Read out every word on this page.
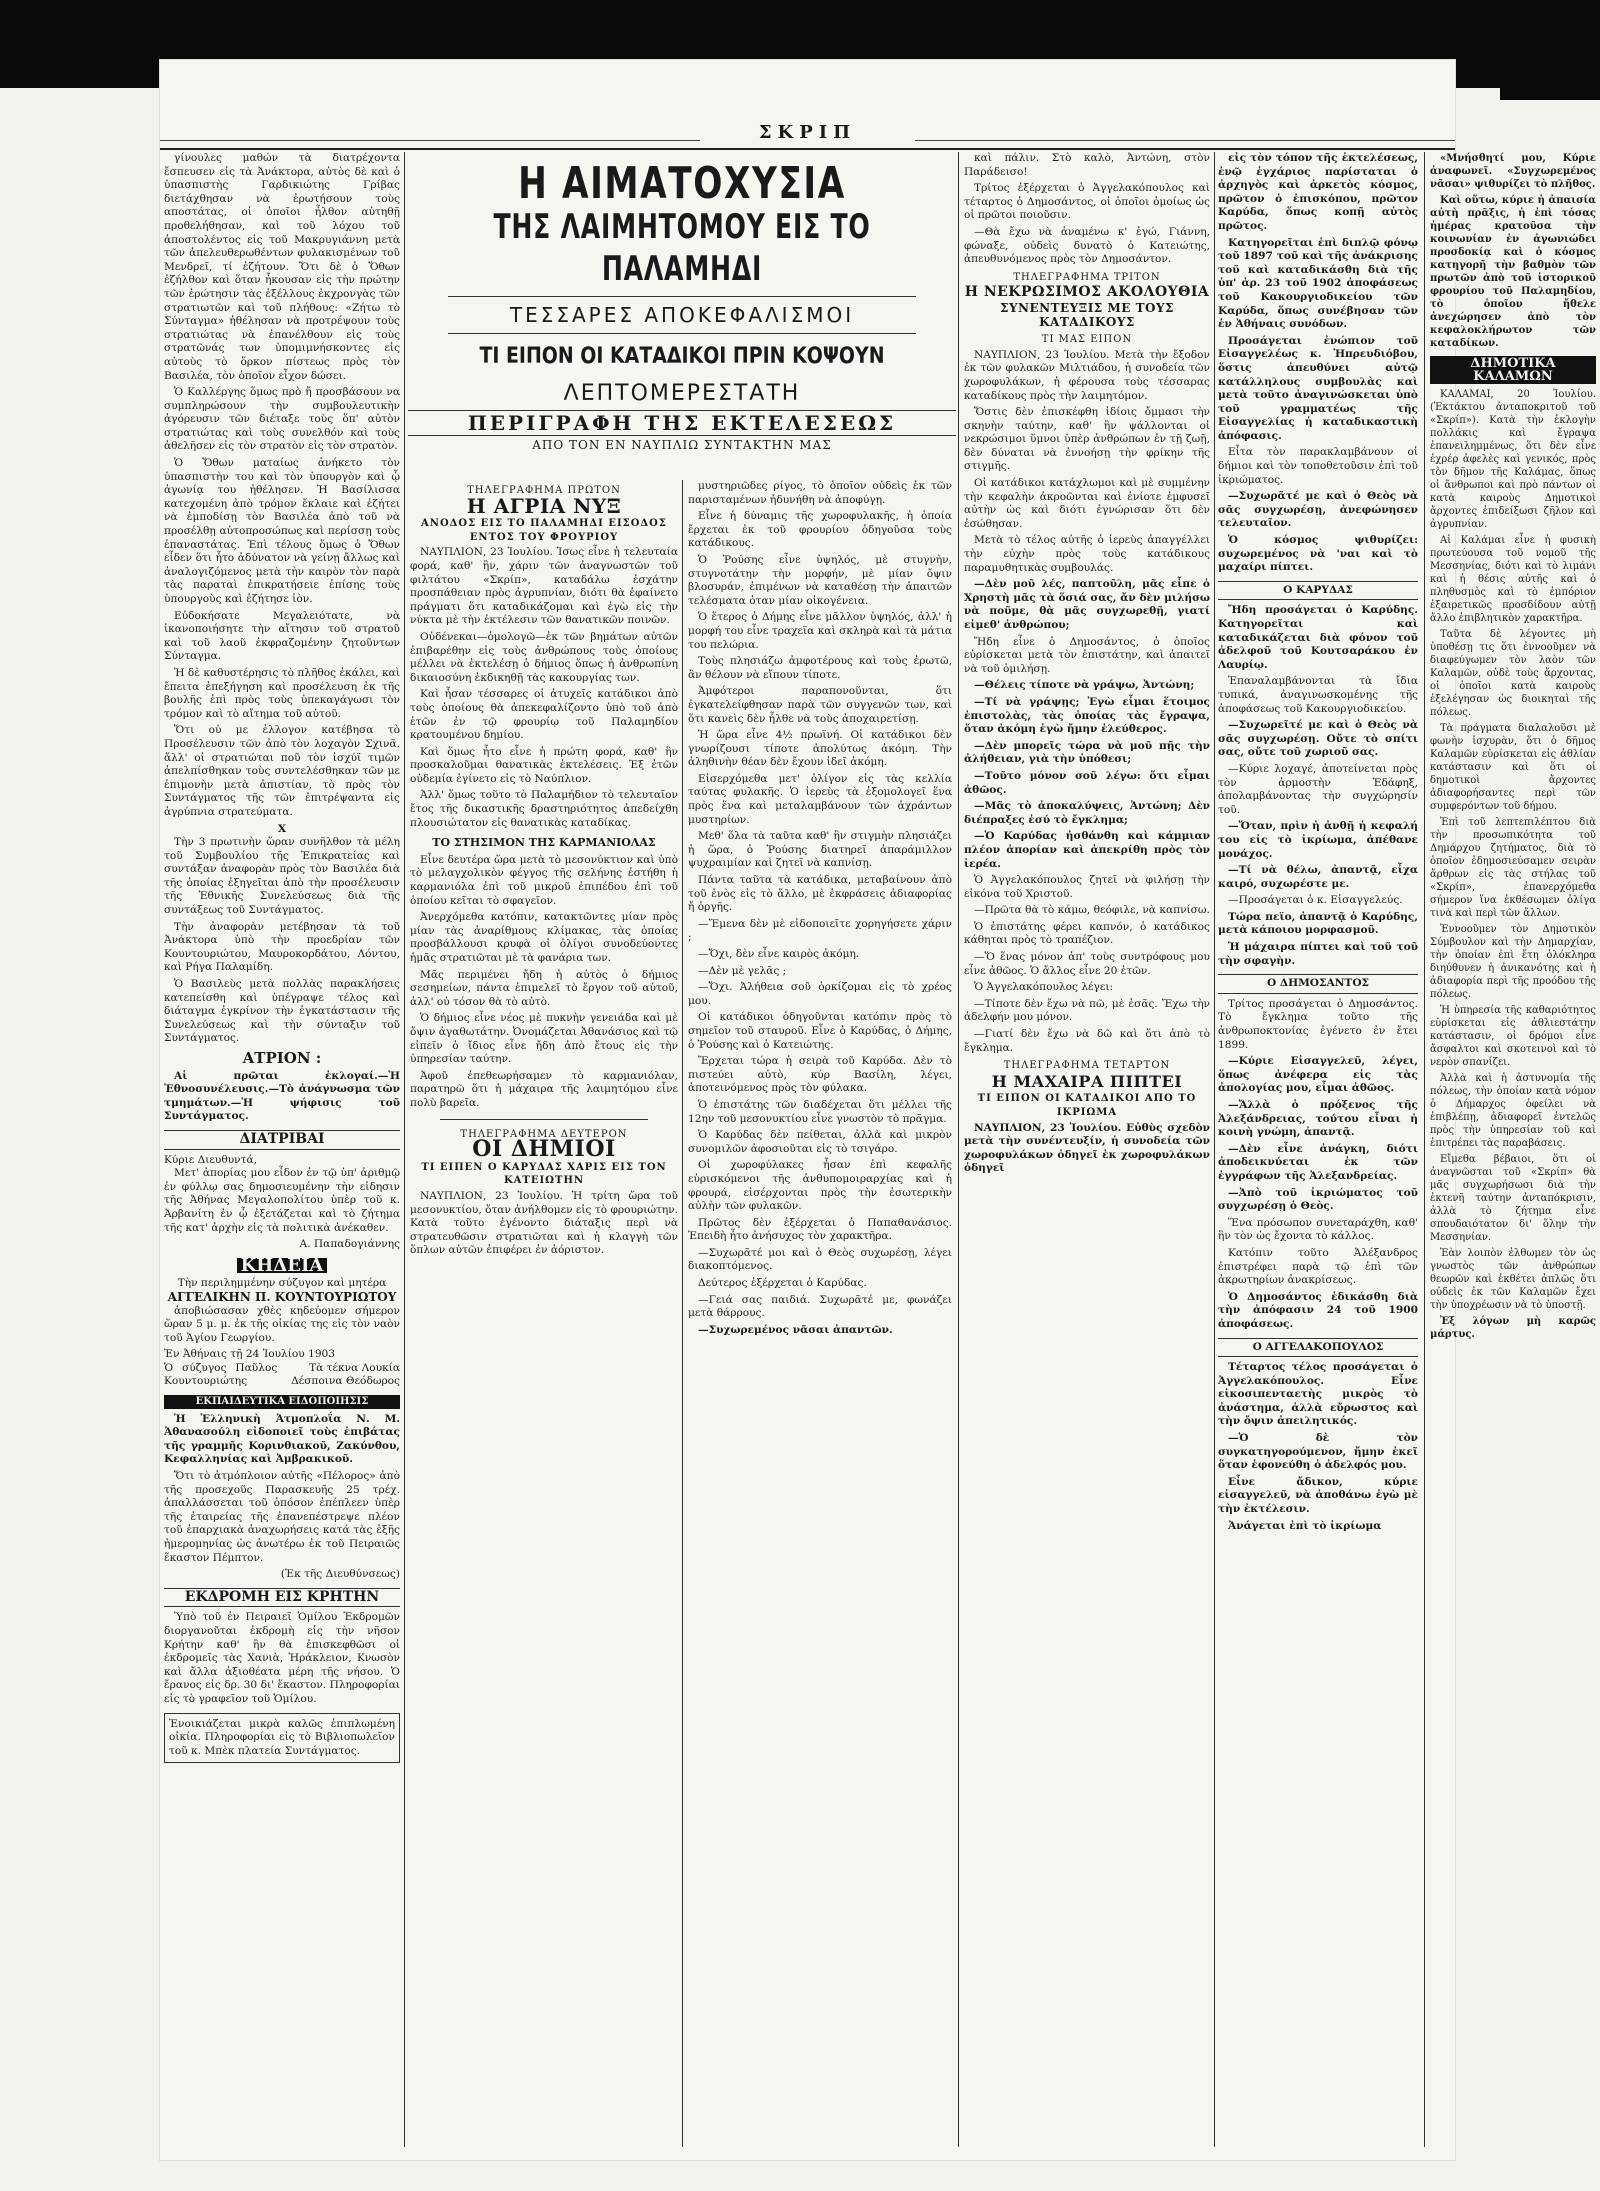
ΣΚΡΙΠ

γίνουλες μαθών τὰ διατρέχοντα ἔσπευσεν εἰς τὰ Ἀνάκτορα, αὐτὸς δὲ καὶ ὁ ὑπασπιστὴς Γαρδικιώτης Γρίβας διετάχθησαν νὰ ἐρωτήσουν τοὺς αποστάτας, οἱ ὁποῖοι ἦλθον αὐτηθῇ προθελήθησαν, καὶ τοῦ λόχου τοῦ ἀποστολέντος εἰς τοῦ Μακρυγιάννη μετὰ τῶν ἀπελευθερωθέντων φυλακισμένων τοῦ Μενδρεῖ, τί ἐζήτουν. Ὅτι δὲ ὁ Ὅθων ἐζήλθον καὶ ὅταν ἦκουσαν εἰς τὴν πρώτην τῶν ἐρώτησιν τὰς ἐξέλλους ἐκχρονγὰς τῶν στρατιωτῶν καὶ τοῦ πλήθους: «Ζήτω τὸ Σύνταγμα» ἠθέλησαν νὰ προτρέψουν τοὺς στρατιώτας νὰ ἐπανέλθουν εἰς τοὺς στρατῶνάς των ὑπομιμνήσκοντες εἰς αὐτοὺς τὸ ὅρκον πίστεως πρὸς τὸν Βασιλέα, τὸν ὁποῖον εἶχον δώσει.

Ὁ Καλλέργης ὅμως πρὸ ἤ προσβάσουν να συμπληρώσουν τὴν συμβουλευτικὴν ἀγόρευσιν τῶν διέταξε τοὺς ὅπ' αὐτὸν στρατιώτας καὶ τοὺς συνελθόν καὶ τοὺς ἀθελῆσεν εἰς τὸν στρατὸν εἰς τὸν στρατὸν.

Ὁ Ὅθων ματαίως ἀνήκετο τὸν ὑπασπιστὴν του καὶ τὸν ὑπουργὸν καὶ ᾧ ἀγωνίᾳ του ἠθέλησεν. Ἡ Βασίλισσα κατεχομένη ἀπὸ τρόμον ἔκλαιε καὶ ἐζήτει νὰ ἐμποδίσῃ τὸν Βασιλέα ἀπὸ τοῦ νὰ προσέλθῃ αὐτοπροσώπως καὶ περίσσῃ τοὺς ἐπαναστάτας. Ἐπὶ τέλους ὅμως ὁ Ὅθων εἶδεν ὅτι ἦτο ἀδύνατον νὰ γείνῃ ἄλλως καὶ ἀναλογιζόμενος μετὰ τὴν καιρὸν τὸν παρὰ τὰς παραταὶ ἐπικρατήσειε ἐπίσης τοὺς ὑπουργοὺς καὶ ἐζήτησε ἰὸν.

Εὐδοκήσατε Μεγαλειότατε, νὰ ἱκανοποιήσητε τὴν αἴτησιν τοῦ στρατοῦ καὶ τοῦ λαοῦ ἐκφραζομένην ζητοῦντων Σύνταγμα.

Ἡ δὲ καθυστέρησις τὸ πλῆθος ἐκάλει, καὶ ἔπειτα ἐπεξήγηση καὶ προσέλευση ἐκ τῆς βουλῆς ἐπὶ πρὸς τοὺς ὑπεκαγάγωσι τὸν τρόμον καὶ τὸ αἴτημα τοῦ αὐτοῦ.

Ὅτι οὐ με ἐλλογον κατέβησα τὸ Προσέλευσιν τῶν ἀπὸ τὸν λοχαγὸν Σχινᾶ. ἄλλ' οἱ στρατιώται ποῦ τὸν ἰσχύϊ τιμῶν ἀπελπίσθηκαν τοὺς συντελέσθηκαν τῶν με ἐπιμονὴν μετὰ ἀπιστίαν, τὸ πρὸς τὸν Συντάγματος τῆς τῶν ἐπιτρέψαντα εἰς ἀγρύπνια στρατεύματα.

Χ

Τὴν 3 πρωτινὴν ὥραν συνῆλθον τὰ μέλη τοῦ Συμβουλίου τῆς Ἐπικρατείας καὶ συντάξαν ἀναφορὰν πρὸς τὸν Βασιλέα διὰ τῆς ὁποίας ἐξηγεῖται ἀπὸ τὴν προσέλευσιν τῆς Ἐθνικῆς Συνελεύσεως διὰ τῆς συντάξεως τοῦ Συντάγματος.

Τὴν ἀναφορὰν μετέβησαν τὰ τοῦ Ἀνάκτορα ὑπὸ τὴν προεδρίαν τῶν Κουντουριώτου, Μαυροκορδάτου, Λόντου, καὶ Ρήγα Παλαμίδη.

Ὁ Βασιλεὺς μετὰ πολλὰς παρακλήσεις κατεπείσθη καὶ ὑπέγραψε τέλος καὶ διάταγμα ἐγκρίνον τὴν ἐγκατάστασιν τῆς Συνελεύσεως καὶ τὴν σύνταξιν τοῦ Συντάγματος.

ΑΤΡΙΟΝ :

Αἱ πρῶται ἐκλογαί.—Ἡ Ἐθνοσυνέλευσις.—Τὸ ἀνάγνωσμα τῶν τμημάτων.—Ἡ ψήφισις τοῦ Συντάγματος.

ΔΙΑΤΡΙΒΑΙ
Κύριε Διευθυντά,

Μετ' ἀπορίας μου εἶδον ἐν τῷ ὑπ' ἀριθμῷ ἐν φύλλῳ σας δημοσιευμένην τὴν εἰδησιν τῆς Ἀθήνας Μεγαλοπολίτου ὑπὲρ τοῦ κ. Ἀρβανίτη ἐν ᾧ ἐξετάζεται καὶ τὸ ζήτημα τῆς κατ' ἀρχὴν εἰς τὰ πολιτικὰ ἀνέκαθεν.

Α. Παπαδογιάννης
ΚΗΔΕΙΑ
Τὴν περιλημμένην σύζυγον καὶ μητέρα
ΑΓΓΕΛΙΚΗΝ Π. ΚΟΥΝΤΟΥΡΙΩΤΟΥ

ἀποβιώσασαν χθὲς κηδεύομεν σήμερον ὥραν 5 μ. μ. ἐκ τῆς οἰκίας της εἰς τὸν ναὸν τοῦ Ἁγίου Γεωργίου.

Ἐν Ἀθήναις τῇ 24 Ἰουλίου 1903
Ὁ σύζυγος Παῦλος Κουντουριώτης
Τὰ τέκνα Λουκία Δέσποινα Θεόδωρος
ΕΚΠΑΙΔΕΥΤΙΚΑ ΕΙΔΟΠΟΙΗΣΙΣ

Ἡ Ἑλληνικὴ Ἀτμοπλοΐα Ν. Μ. Ἀθανασούλη εἰδοποιεῖ τοὺς ἐπιβάτας τῆς γραμμῆς Κορινθιακοῦ, Ζακύνθου, Κεφαλληνίας καὶ Ἀμβρακικοῦ.

Ὅτι τὸ ἀτμόπλοιον αὐτῆς «Πέλορος» ἀπὸ τῆς προσεχοῦς Παρασκευῆς 25 τρέχ. ἀπαλλάσσεται τοῦ ὁπόσον ἐπέπλεεν ὑπὲρ τῆς ἐταιρείας τῆς ἐπανεπέστρεψε πλέον τοῦ ἐπαρχιακὰ ἀναχωρήσεις κατά τὰς ἑξῆς ἡμερομηνίας ὡς ἀνωτέρω ἐκ τοῦ Πειραιῶς ἕκαστον Πέμπτον.

(Ἐκ τῆς Διευθύνσεως)
ΕΚΔΡΟΜΗ ΕΙΣ ΚΡΗΤΗΝ

Ὑπὸ τοῦ ἐν Πειραιεῖ Ὁμίλου Ἐκδρομῶν διοργανοῦται ἐκδρομὴ εἰς τὴν νῆσον Κρήτην καθ' ἣν θὰ ἐπισκεφθῶσι οἱ ἐκδρομεῖς τὰς Χανιὰ, Ἡράκλειον, Κνωσὸν καὶ ἄλλα ἀξιοθέατα μέρη τῆς νήσου. Ὁ ἔρανος εἰς δρ. 30 δι' ἕκαστον. Πληροφορίαι εἰς τὸ γραφεῖον τοῦ Ὁμίλου.

Ἐνοικιάζεται μικρὰ καλῶς ἐπιπλωμένη οἰκία. Πληροφορίαι εἰς τὸ Βιβλιοπωλεῖον τοῦ κ. Μπὲκ πλατεία Συντάγματος.
Η ΑΙΜΑΤΟΧΥΣΙΑ
ΤΗΣ ΛΑΙΜΗΤΟΜΟΥ ΕΙΣ ΤΟ ΠΑΛΑΜΗΔΙ
ΤΕΣΣΑΡΕΣ ΑΠΟΚΕΦΑΛΙΣΜΟΙ
ΤΙ ΕΙΠΟΝ ΟΙ ΚΑΤΑΔΙΚΟΙ ΠΡΙΝ ΚΟΨΟΥΝ
ΛΕΠΤΟΜΕΡΕΣΤΑΤΗ
ΠΕΡΙΓΡΑΦΗ ΤΗΣ ΕΚΤΕΛΕΣΕΩΣ
ΑΠΟ ΤΟΝ ΕΝ ΝΑΥΠΛΙΩ ΣΥΝΤΑΚΤΗΝ ΜΑΣ
ΤΗΛΕΓΡΑΦΗΜΑ ΠΡΩΤΟΝ
Η ΑΓΡΙΑ ΝΥΞ
ΑΝΟΔΟΣ ΕΙΣ ΤΟ ΠΑΛΑΜΗΔΙ ΕΙΣΟΔΟΣ ΕΝΤΟΣ ΤΟΥ ΦΡΟΥΡΙΟΥ

ΝΑΥΠΛΙΟΝ, 23 Ἰουλίου. Ἰσως εἶνε ἡ τελευταία φορά, καθ' ἣν, χάριν τῶν ἀναγνωστῶν τοῦ φιλτάτου «Σκρίπ», καταδάλω ἐσχάτην προσπάθειαν πρὸς ἀγρυπνίαν, διότι θὰ ἐφαίνετο πράγματι ὅτι καταδικάζομαι καὶ ἐγὼ εἰς τὴν νύκτα μὲ τὴν ἐκτέλεσιν τῶν θανατικῶν ποινῶν.

Οὐδένεκαι—ὁμολογῶ—ἐκ τῶν βημάτων αὐτῶν ἐπιβαρέθην εἰς τοὺς ἀνθρώπους τοὺς ὁποίους μέλλει νὰ ἐκτελέσῃ ὁ δήμιος ὅπως ἡ ἀνθρωπίνη δικαιοσύνη ἐκδικηθῇ τὰς κακουργίας των.

Καὶ ἦσαν τέσσαρες οἱ ἀτυχεῖς κατάδικοι ἀπὸ τοὺς ὁποίους θὰ ἀπεκεφαλίζοντο ὑπὸ τοῦ ἀπὸ ἑτῶν ἐν τῷ φρουρίῳ τοῦ Παλαμηδίου κρατουμένου δημίου.

Καὶ ὅμως ἦτο εἶνε ἡ πρώτη φορά, καθ' ἣν προσκαλοῦμαι θανατικὰς ἐκτελέσεις. Ἐξ ἐτῶν οὐδεμία ἐγίνετο εἰς τὸ Ναύπλιον.

Ἀλλ' ὅμως τοῦτο τὸ Παλαμήδιον τὸ τελευταῖον ἔτος τῆς δικαστικῆς δραστηριότητος ἀπεδείχθη πλουσιώτατον εἰς θανατικὰς καταδίκας.

ΤΟ ΣΤΗΣΙΜΟΝ ΤΗΣ ΚΑΡΜΑΝΙΟΛΑΣ

Εἶνε δευτέρα ὥρα μετὰ τὸ μεσονύκτιον καὶ ὑπὸ τὸ μελαγχολικὸν φέγγος τῆς σελήνης ἐστήθη ἡ καρμανιόλα ἐπὶ τοῦ μικροῦ ἐπιπέδου ἐπὶ τοῦ ὁποίου κεῖται τὸ σφαγεῖον.

Ἀνερχόμεθα κατόπιν, κατακτῶντες μίαν πρὸς μίαν τὰς ἀναρίθμους κλίμακας, τὰς ὁποίας προσβάλλουσι κρυφὰ οἱ ὀλίγοι συνοδεύοντες ἡμᾶς στρατιῶται μὲ τὰ φανάρια των.

Μᾶς περιμένει ἤδη ἡ αὐτὸς ὁ δήμιος σεσημείων, πάντα ἐπιμελεῖ τὸ ἔργον τοῦ αὐτοῦ, ἀλλ' οὐ τόσον θὰ τὸ αὐτὸ.

Ὁ δήμιος εἶνε νέος μὲ πυκνὴν γενειάδα καὶ μὲ ὄψιν ἀγαθωτάτην. Ὀνομάζεται Ἀθανάσιος καὶ τῷ εἰπεῖν ὁ ἴδιος εἶνε ἤδη ἀπὸ ἔτους εἰς τὴν ὑπηρεσίαν ταύτην.

Ἀφοῦ ἐπεθεωρήσαμεν τὸ καρμανιόλαν, παρατηρῶ ὅτι ἡ μάχαιρα τῆς λαιμητόμου εἶνε πολὺ βαρεῖα.

ΤΗΛΕΓΡΑΦΗΜΑ ΔΕΥΤΕΡΟΝ
ΟΙ ΔΗΜΙΟΙ
ΤΙ ΕΙΠΕΝ Ο ΚΑΡΥΔΑΣ ΧΑΡΙΣ ΕΙΣ ΤΟΝ ΚΑΤΕΙΩΤΗΝ

ΝΑΥΠΛΙΟΝ, 23 Ἰουλίου. Ἡ τρίτη ὥρα τοῦ μεσονυκτίου, ὅταν ἀνήλθομεν εἰς τὸ φρουριώτην. Κατὰ τοῦτο ἐγένοντο διάταξις περὶ νὰ στρατευθῶσιν στρατιῶται καὶ ἡ κλαγγὴ τῶν ὅπλων αὐτῶν ἐπιφέρει ἐν ἀόριστον.

μυστηριῶδες ρίγος, τὸ ὁποῖον οὐδεὶς ἐκ τῶν παρισταμένων ἠδυνήθη νὰ ἀποφύγῃ.

Εἶνε ἡ δύναμις τῆς χωροφυλακῆς, ἡ ὁποία ἔρχεται ἐκ τοῦ φρουρίου ὁδηγοῦσα τοὺς κατάδικους.

Ὁ Ῥούσης εἶνε ὑψηλός, μὲ στυγνὴν, στυγνοτάτην τὴν μορφήν, μὲ μίαν ὄψιν βλοσυράν, ἐπιμένων νὰ καταθέσῃ τὴν ἀπαιτῶν τελέσματα ὁταν μίαν οἰκογένεια.

Ὁ ἕτερος ὁ Δήμης εἶνε μᾶλλον ὑψηλός, ἀλλ' ἡ μορφή του εἶνε τραχεῖα καὶ σκληρὰ καὶ τὰ μάτια του πελώρια.

Τοὺς πλησιάζω ἀμφοτέρους καὶ τοὺς ἐρωτῶ, ἂν θέλουν νὰ εἴπουν τίποτε.

Ἀμφότεροι παραπονοῦνται, ὅτι ἐγκατελείφθησαν παρὰ τῶν συγγενῶν των, καὶ ὅτι κανεὶς δὲν ἦλθε νὰ τοὺς ἀποχαιρετίσῃ.

Ἡ ὥρα εἶνε 4½ πρωϊνή. Οἱ κατάδικοι δὲν γνωρίζουσι τίποτε ἀπολύτως ἀκόμη. Τὴν ἀληθινὴν θέαν δὲν ἔχουν ἰδεῖ ἀκόμη.

Εἰσερχόμεθα μετ' ὀλίγον εἰς τὰς κελλία ταύτας φυλακῆς. Ὁ ἱερεὺς τὰ ἐξομολογεῖ ἕνα πρὸς ἕνα καὶ μεταλαμβάνουν τῶν ἀχράντων μυστηρίων.

Μεθ' ὅλα τὰ ταῦτα καθ' ἣν στιγμὴν πλησιάζει ἡ ὥρα, ὁ Ῥούσης διατηρεῖ ἀπαράμιλλον ψυχραιμίαν καὶ ζητεῖ νὰ καπνίσῃ.

Πάντα ταῦτα τὰ κατάδικα, μεταβαίνουν ἀπὸ τοῦ ἑνὸς εἰς τὸ ἄλλο, μὲ ἐκφράσεις ἀδιαφορίας ἤ ὀργῆς.

—Ἔμενα δὲν μὲ εἰδοποιεῖτε χορηγήσετε χάριν ;

—Ὄχι, δὲν εἶνε καιρὸς ἀκόμη.

—Δὲν μὲ γελᾶς ;

—Ὄχι. Ἀλήθεια σοῦ ὁρκίζομαι εἰς τὸ χρέος μου.

Οἱ κατάδικοι ὁδηγοῦνται κατόπιν πρὸς τὸ σημεῖον τοῦ σταυροῦ. Εἶνε ὁ Καρύδας, ὁ Δήμης, ὁ Ῥούσης καὶ ὁ Κατειώτης.

Ἔρχεται τώρα ἡ σειρὰ τοῦ Καρύδα. Δὲν τὸ πιστεύει αὐτὸ, κύρ Βασίλη, λέγει, ἀποτεινόμενος πρὸς τὸν φύλακα.

Ὁ ἐπιστάτης τῶν διαδέχεται ὅτι μέλλει τῆς 12ην τοῦ μεσονυκτίου εἶνε γνωστὸν τὸ πρᾶγμα.

Ὁ Καρύδας δὲν πείθεται, ἀλλὰ καὶ μικρὸν συνομιλῶν ἀφοσιοῦται εἰς τὸ τσιγάρο.

Οἱ χωροφύλακες ἦσαν ἐπὶ κεφαλῆς εὑρισκόμενοι τῆς ἀνθυπομοιραρχίας καὶ ἡ φρουρά, εἰσέρχονται πρὸς τὴν ἐσωτερικὴν αὐλὴν τῶν φυλακῶν.

Πρῶτος δὲν ἐξέρχεται ὁ Παπαθανάσιος. Ἐπειδὴ ἦτο ἀνήσυχος τὸν χαρακτῆρα.

—Συχωρᾶτέ μοι καὶ ὁ Θεὸς συχωρέσῃ, λέγει διακοπτόμενος.

Δεύτερος ἐξέρχεται ὁ Καρύδας.

—Γειά σας παιδιά. Συχωρᾶτέ με, φωνάζει μετὰ θάρρους.

—Συχωρεμένος νᾶσαι ἀπαντῶν.

καὶ πάλιν. Στὸ καλὸ, Ἀντώνη, στὸν Παράδεισο!

Τρίτος ἐξέρχεται ὁ Ἀγγελακόπουλος καὶ τέταρτος ὁ Δημοσάντος, οἱ ὁποῖοι ὁμοίως ὡς οἱ πρῶτοι ποιοῦσιν.

—Θὰ ἔχω νὰ ἀναμένω κ' ἐγώ, Γιάννη, φώναξε, οὐδεὶς δυνατὸ ὁ Κατειώτης, ἀπευθυνόμενος πρὸς τὸν Δημοσάντον.

ΤΗΛΕΓΡΑΦΗΜΑ ΤΡΙΤΟΝ
Η ΝΕΚΡΩΣΙΜΟΣ ΑΚΟΛΟΥΘΙΑ
ΣΥΝΕΝΤΕΥΞΙΣ ΜΕ ΤΟΥΣ ΚΑΤΑΔΙΚΟΥΣ
ΤΙ ΜΑΣ ΕΙΠΟΝ

ΝΑΥΠΛΙΟΝ, 23 Ἰουλίου. Μετὰ τὴν ἔξοδον ἐκ τῶν φυλακῶν Μιλτιάδου, ἡ συνοδεία τῶν χωροφυλάκων, ἡ φέρουσα τοὺς τέσσαρας καταδίκους πρὸς τὴν λαιμητόμον.

Ὅστις δὲν ἐπισκέφθη ἰδίοις ὄμμασι τὴν σκηνὴν ταύτην, καθ' ἣν ψάλλονται οἱ νεκρώσιμοι ὕμνοι ὑπὲρ ἀνθρώπων ἐν τῇ ζωῇ, δὲν δύναται νὰ ἐννοήσῃ τὴν φρίκην τῆς στιγμῆς.

Οἱ κατάδικοι κατάχλωμοι καὶ μὲ συμμένην τὴν κεφαλὴν ἀκροῶνται καὶ ἐνίοτε ἐμφυσεῖ αὐτὴν ὡς καὶ διότι ἐγνώρισαν ὅτι δὲν ἐσώθησαν.

Μετὰ τὸ τέλος αὐτῆς ὁ ἱερεὺς ἀπαγγέλλει τὴν εὐχὴν πρὸς τοὺς κατάδικους παραμυθητικὰς συμβουλάς.

—Δὲν μοῦ λές, παπτοῦλη, μᾶς εἶπε ὁ Χρηστὴ μᾶς τὰ ὅσιά σας, ἄν δὲν μιλήσω νὰ ποῦμε, θὰ μᾶς συγχωρεθῇ, γιατί εἰμεθ' ἀνθρώπου;

Ἤδη εἶνε ὁ Δημοσάντος, ὁ ὁποῖος εὑρίσκεται μετὰ τὸν ἐπιστάτην, καὶ ἀπαιτεῖ νὰ τοῦ ὁμιλήσῃ.

—Θέλεις τίποτε νὰ γράψω, Ἀντώνη;

—Τί νὰ γράψῃς; Ἐγὼ εἶμαι ἕτοιμος ἐπιστολὰς, τὰς ὁποίας τὰς ἔγραψα, ὅταν ἀκόμη ἐγὼ ἤμην ἐλεύθερος.

—Δὲν μπορεῖς τώρα νὰ μοῦ πῇς τὴν ἀλήθειαν, γιὰ τὴν ὑπόθεσι;

—Τοῦτο μόνον σοῦ λέγω: ὅτι εἶμαι ἀθῶος.

—Μᾶς τὸ ἀποκαλύψεις, Ἀντώνη; Δὲν διέπραξες ἐσύ τὸ ἔγκλημα;

—Ὁ Καρύδας ἠσθάνθη καὶ κάμμιαν πλέον ἀπορίαν καὶ ἀπεκρίθη πρὸς τὸν ἰερέα.

Ὁ Ἀγγελακόπουλος ζητεῖ νὰ φιλήσῃ τὴν εἰκόνα τοῦ Χριστοῦ.

—Πρῶτα θὰ τὸ κάμω, θεόφιλε, νὰ καπνίσω.

Ὁ ἐπιστάτης φέρει καπνόν, ὁ κατάδικος κάθηται πρὸς τὸ τραπέζιον.

—Ὅ ἕνας μόνον ἀπ' τοὺς συντρόφους μου εἶνε ἀθῶος. Ὁ ἄλλος εἶνε 20 ἐτῶν.

Ὁ Ἀγγελακόπουλος λέγει:

—Τίποτε δὲν ἔχω νὰ πῶ, μὲ ἐσᾶς. Ἔχω τὴν ἀδελφήν μου μόνον.

—Γιατί δὲν ἔχω νὰ δῶ καὶ ὅτι ἀπὸ τὸ ἔγκλημα.

ΤΗΛΕΓΡΑΦΗΜΑ ΤΕΤΑΡΤΟΝ
Η ΜΑΧΑΙΡΑ ΠΙΠΤΕΙ
ΤΙ ΕΙΠΟΝ ΟΙ ΚΑΤΑΔΙΚΟΙ ΑΠΟ ΤΟ ΙΚΡΙΩΜΑ

ΝΑΥΠΛΙΟΝ, 23 Ἰουλίου. Εὐθὺς σχεδὸν μετὰ τὴν συνέντευξίν, ἡ συνοδεία τῶν χωροφυλάκων ὁδηγεῖ ἐκ χωροφυλάκων ὁδηγεῖ

εἰς τὸν τόπον τῆς ἐκτελέσεως, ἐνῷ ἐγχάριος παρίσταται ὁ ἀρχηγὸς καὶ ἀρκετὸς κόσμος, πρῶτον ὁ ἐπισκόπου, πρῶτον Καρύδα, ὅπως κοπῇ αὐτὸς πρῶτος.

Κατηγορεῖται ἐπὶ διπλῷ φόνῳ τοῦ 1897 τοῦ καὶ τῆς ἀνάκρισης τοῦ καὶ καταδικάσθη διὰ τῆς ὑπ' ἀρ. 23 τοῦ 1902 ἀποφάσεως τοῦ Κακουργιοδικείου τῶν Καρύδα, ὅπως συνέβησαν τῶν ἐν Ἀθήναις συνόδων.

Προσάγεται ἐνώπιον τοῦ Εἰσαγγελέως κ. Ἠπρευδιόβου, ὅστις ἀπευθύνει αὐτῷ κατάλληλους συμβουλὰς καὶ μετὰ τοῦτο ἀναγινώσκεται ὑπὸ τοῦ γραμματέως τῆς Εἰσαγγελίας ἡ καταδικαστικὴ ἀπόφασις.

Εἶτα τὸν παρακλαμβάνουν οἱ δήμιοι καὶ τὸν τοποθετοῦσιν ἐπὶ τοῦ ἰκριώματος.

—Συχωρᾶτέ με καὶ ὁ Θεὸς νὰ σᾶς συγχωρέσῃ, ἀνεφώνησεν τελευταῖον.

Ὁ κόσμος ψιθυρίζει: συχωρεμένος νὰ 'ναι καὶ τὸ μαχαίρι πίπτει.

Ο ΚΑΡΥΔΑΣ

Ἤδη προσάγεται ὁ Καρύδης. Κατηγορεῖται καὶ καταδικάζεται διὰ φόνον τοῦ ἀδελφοῦ τοῦ Κουτσαράκου ἐν Λαυρίῳ.

Ἐπαναλαμβάνονται τὰ ἴδια τυπικά, ἀναγινωσκομένης τῆς ἀποφάσεως τοῦ Κακουργιοδικείου.

—Συχωρεῖτέ με καὶ ὁ Θεὸς νὰ σᾶς συγχωρέσῃ. Οὔτε τὸ σπίτι σας, οὔτε τοῦ χωριοῦ σας.

—Κύριε λοχαγέ, ἀποτείνεται πρὸς τὸν ἀρμοστὴν Ἐδάφηξ, ἀπολαμβάνοντας τὴν συγχώρησίν τοῦ.

—Ὅταν, πρὶν ἡ ἀνθῇ ἡ κεφαλή του εἰς τὸ ἰκρίωμα, ἀπέθανε μονάχος.

—Τί νὰ θέλω, ἀπαντᾷ, εἶχα καιρό, συχωρέστε με.

—Προσάγεται ὁ κ. Εἰσαγγελεύς.

Τώρα πεϊο, ἀπαντᾷ ὁ Καρύδης, μετὰ κάποιου μορφασμοῦ.

Ἡ μάχαιρα πίπτει καὶ τοῦ τοῦ τὴν σφαγὴν.

Ο ΔΗΜΟΣΑΝΤΟΣ

Τρίτος προσάγεται ὁ Δημοσάντος. Τὸ ἔγκλημα τοῦτο τῆς ἀνθρωποκτονίας ἐγένετο ἐν ἔτει 1899.

—Κύριε Εἰσαγγελεῦ, λέγει, ὅπως ἀνέφερα εἰς τὰς ἀπολογίας μου, εἶμαι ἀθῶος.

—Ἄλλὰ ὁ πρόξενος τῆς Ἀλεξάνδρειας, τούτου εἶναι ἡ κοινὴ γνώμη, ἀπαντᾷ.

—Δὲν εἶνε ἀνάγκη, διότι ἀποδεικνύεται ἐκ τῶν ἐγγράφων τῆς Ἀλεξανδρείας.

—Ἀπὸ τοῦ ἰκριώματος τοῦ συγχωρέσῃ ὁ Θεὸς.

Ἕνα πρόσωπον συνεταράχθη, καθ' ἣν τὸν ὡς ἔχοντα τὸ κάλλος.

Κατόπιν τοῦτο Ἀλέξανδρος ἐπιστρέφει παρὰ τῷ ἐπὶ τῶν ἀκρωτηρίων ἀνακρίσεως.

Ὁ Δημοσάντος ἐδικάσθη διὰ τὴν ἀπόφασιν 24 τοῦ 1900 ἀποφάσεως.

Ο ΑΓΓΕΛΑΚΟΠΟΥΛΟΣ

Τέταρτος τέλος προσάγεται ὁ Ἀγγελακόπουλος. Εἶνε εἰκοσιπενταετὴς μικρὸς τὸ ἀνάστημα, ἀλλὰ εὔρωστος καὶ τὴν ὄψιν ἀπειλητικός.

—Ὁ δὲ τὸν συγκατηγορούμενον, ἤμην ἐκεῖ ὅταν ἐφονεύθη ὁ ἀδελφός μου.

Εἶνε ἄδικον, κύριε εἰσαγγελεῦ, νὰ ἀποθάνω ἐγὼ μὲ τὴν ἐκτέλεσιν.

Ἀνάγεται ἐπὶ τὸ ἰκρίωμα

«Μνήσθητί μου, Κύριε ἀναφωνεῖ. «Συγχωρεμένος νᾶσαι» ψιθυρίζει τὸ πλῆθος.

Καὶ οὕτω, κύριε ἡ ἀπαισία αὐτὴ πρᾶξις, ἡ ἐπὶ τόσας ἡμέρας κρατοῦσα τὴν κοινωνίαν ἐν ἀγωνιώδει προσδοκίᾳ καὶ ὁ κόσμος κατηγορῆ τὴν βαθμὸν τῶν πρωτῶν ἀπὸ τοῦ ἱστορικοῦ φρουρίου τοῦ Παλαμηδίου, τὸ ὁποῖον ἤθελε ἀνεχώρησεν ἀπὸ τὸν κεφαλοκλήρωτον τῶν καταδίκων.

ΔΗΜΟΤΙΚΑ ΚΑΛΑΜΩΝ

ΚΑΛΑΜΑΙ, 20 Ἰουλίου. (Ἐκτάκτου ἀνταποκριτοῦ τοῦ «Σκρίπ»). Κατὰ τὴν ἐκλογὴν πολλάκις καὶ ἔγραψα ἐπανειλημμένως, ὅτι δὲν εἶνε ἐχρέρ ἀφελὲς καὶ γενικός, πρὸς τὸν δῆμον τῆς Καλάμας, ὅπως οἱ ἄνθρωποι καὶ πρὸ πάντων οἱ κατὰ καιροὺς Δημοτικοὶ ἄρχοντες ἐπιδείξωσι ζῆλον καὶ ἀγρυπνίαν.

Αἱ Καλάμαι εἶνε ἡ φυσικὴ πρωτεύουσα τοῦ νομοῦ τῆς Μεσσηνίας, διότι καὶ τὸ λιμάνι καὶ ἡ θέσις αὐτῆς καὶ ὁ πληθυσμὸς καὶ τὸ ἐμπόριον ἐξαιρετικῶς προσδίδουν αὐτῇ ἄλλο ἐπιβλητικὸν χαρακτῆρα.

Ταῦτα δὲ λέγοντες μὴ ὑποθέσῃ τις ὅτι ἐννοοῦμεν νὰ διαφεύγωμεν τὸν λαὸν τῶν Καλαμῶν, οὐδὲ τοὺς ἄρχοντας, οἱ ὁποῖοι κατὰ καιροὺς ἐξελέγησαν ὡς διοικηταὶ τῆς πόλεως.

Τὰ πράγματα διαλαλοῦσι μὲ φωνὴν ἰσχυρὰν, ὅτι ὁ δῆμος Καλαμῶν εὑρίσκεται εἰς ἀθλίαν κατάστασιν καὶ ὅτι οἱ δημοτικοὶ ἄρχοντες ἀδιαφορήσαντες περὶ τῶν συμφερόντων τοῦ δήμου.

Ἐπὶ τοῦ λεπτεπιλέπτου διὰ τὴν προσωπικότητα τοῦ Δημάρχου ζητήματος, διὰ τὸ ὁποῖον ἐδημοσιεύσαμεν σειρὰν ἄρθρων εἰς τὰς στήλας τοῦ «Σκρίπ», ἐπανερχόμεθα σήμερον ἵνα ἐκθέσωμεν ὀλίγα τινὰ καὶ περὶ τῶν ἄλλων.

Ἐννοοῦμεν τὸν Δημοτικὸν Σύμβουλον καὶ τὴν Δημαρχίαν, τὴν ὁποίαν ἐπὶ ἔτη ὁλόκληρα διηύθυνεν ἡ ἀνικανότης καὶ ἡ ἀδιαφορία περὶ τῆς προόδου τῆς πόλεως.

Ἡ ὑπηρεσία τῆς καθαριότητος εὑρίσκεται εἰς ἀθλιεστάτην κατάστασιν, οἱ δρόμοι εἶνε ἄσφαλτοι καὶ σκοτεινοὶ καὶ τὸ νερὸν σπανίζει.

Ἀλλὰ καὶ ἡ ἀστυνομία τῆς πόλεως, τὴν ὁποίαν κατὰ νόμον ὁ Δήμαρχος ὀφείλει νὰ ἐπιβλέπῃ, ἀδιαφορεῖ ἐντελῶς πρὸς τὴν ὑπηρεσίαν τοῦ καὶ ἐπιτρέπει τὰς παραβάσεις.

Εἴμεθα βέβαιοι, ὅτι οἱ ἀναγνῶσται τοῦ «Σκρίπ» θὰ μᾶς συγχωρήσωσι διὰ τὴν ἐκτενῆ ταύτην ἀνταπόκρισιν, ἀλλὰ τὸ ζήτημα εἶνε σπουδαιότατον δι' ὅλην τὴν Μεσσηνίαν.

Ἐὰν λοιπὸν ἐλθωμεν τὸν ὡς γνωστὸς τῶν ἀνθρώπων θεωρῶν καὶ ἐκθέτει ἀπλῶς ὅτι οὐδεὶς ἐκ τῶν Καλαμῶν ἔχει τὴν ὑποχρέωσιν νὰ τὸ ὑποστῇ.

Ἐξ λόγων μὴ καρῶς μάρτυς.
